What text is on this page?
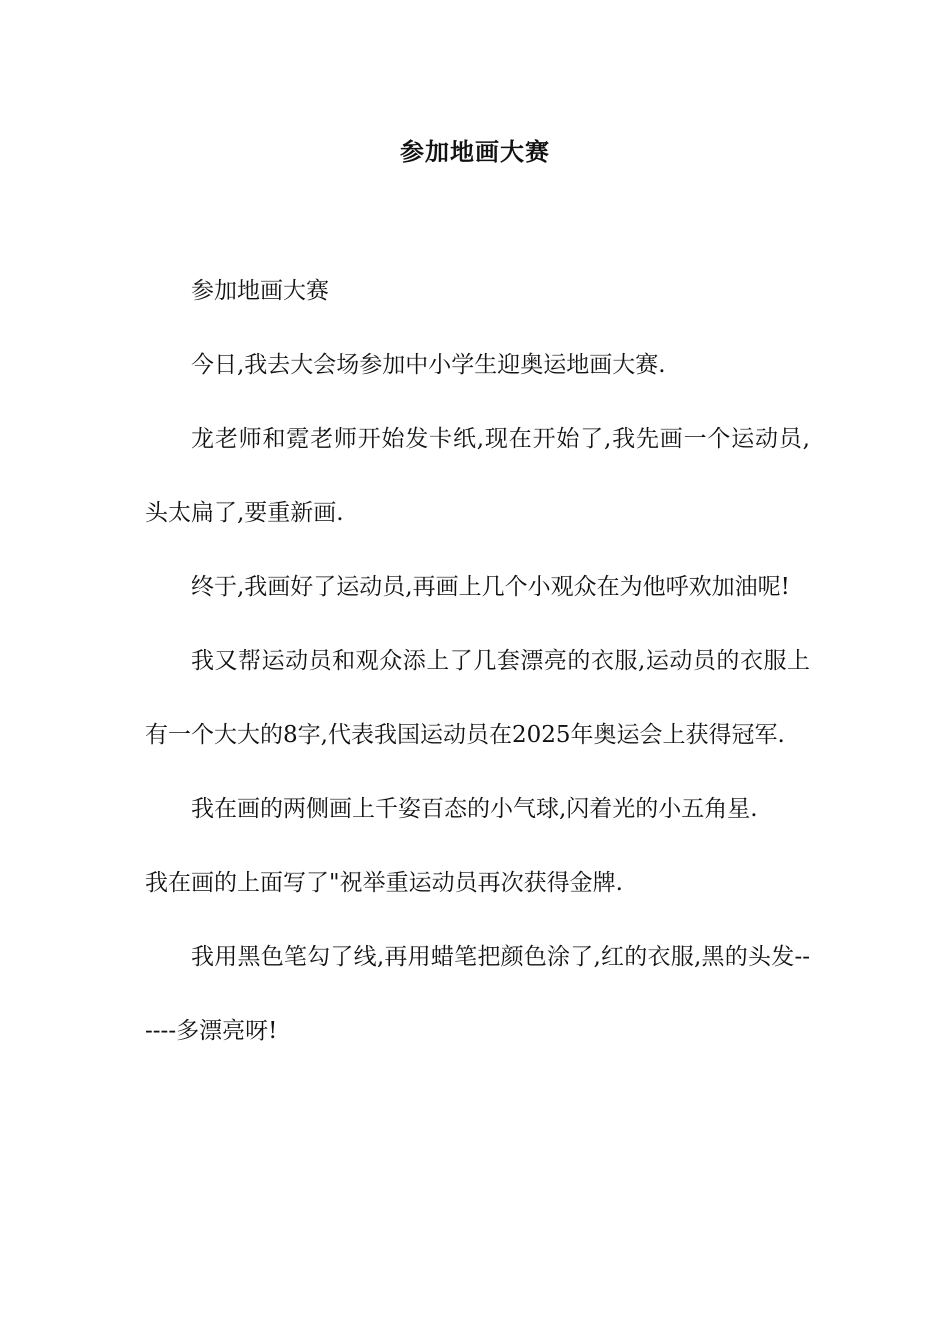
参加地画大赛

参加地画大赛

今日,我去大会场参加中小学生迎奥运地画大赛.

龙老师和霓老师开始发卡纸,现在开始了,我先画一个运动员,头太扁了,要重新画.

终于,我画好了运动员,再画上几个小观众在为他呼欢加油呢!

我又帮运动员和观众添上了几套漂亮的衣服,运动员的衣服上有一个大大的8字,代表我国运动员在2025年奥运会上获得冠军.

我在画的两侧画上千姿百态的小气球,闪着光的小五角星.

我在画的上面写了"祝举重运动员再次获得金牌.

我用黑色笔勾了线,再用蜡笔把颜色涂了,红的衣服,黑的头发------多漂亮呀!
